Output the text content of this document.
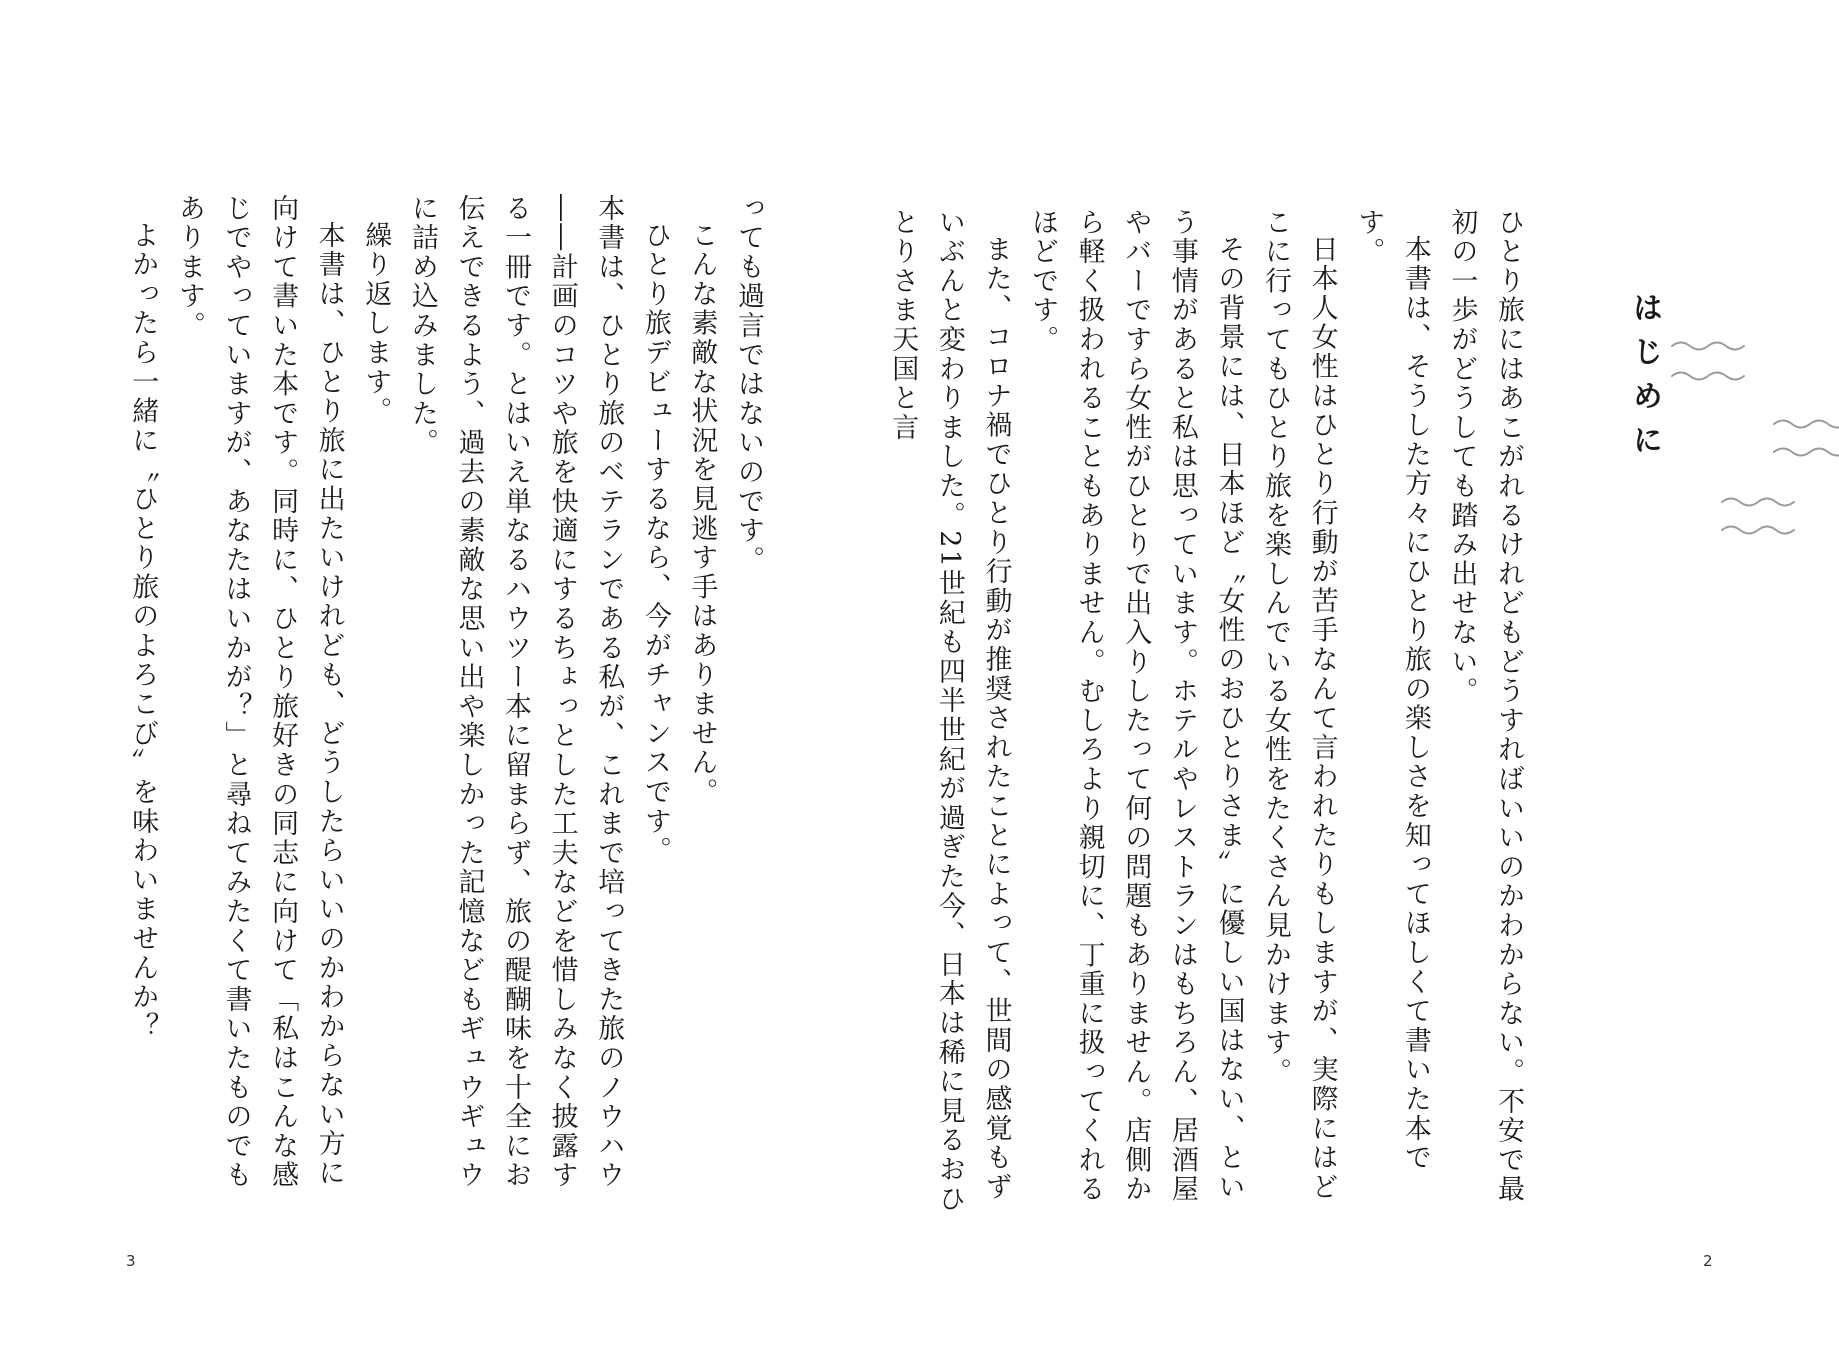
はじめに

ひとり旅にはあこがれるけれどもどうすればいいのかわからない。不安で最初の一歩がどうしても踏み出せない。

本書は、そうした方々にひとり旅の楽しさを知ってほしくて書いた本です。

日本人女性はひとり行動が苦手なんて言われたりもしますが、実際にはどこに行ってもひとり旅を楽しんでいる女性をたくさん見かけます。

その背景には、日本ほど〝女性のおひとりさま〟に優しい国はない、という事情があると私は思っています。ホテルやレストランはもちろん、居酒屋やバーですら女性がひとりで出入りしたって何の問題もありません。店側から軽く扱われることもありません。むしろより親切に、丁重に扱ってくれるほどです。

また、コロナ禍でひとり行動が推奨されたことによって、世間の感覚もずいぶんと変わりました。21世紀も四半世紀が過ぎた今、日本は稀に見るおひとりさま天国と言

2

っても過言ではないのです。

こんな素敵な状況を見逃す手はありません。

ひとり旅デビューするなら、今がチャンスです。

本書は、ひとり旅のベテランである私が、これまで培ってきた旅のノウハウ――計画のコツや旅を快適にするちょっとした工夫などを惜しみなく披露する一冊です。とはいえ単なるハウツー本に留まらず、旅の醍醐味を十全にお伝えできるよう、過去の素敵な思い出や楽しかった記憶などもギュウギュウに詰め込みました。

繰り返します。

本書は、ひとり旅に出たいけれども、どうしたらいいのかわからない方に向けて書いた本です。同時に、ひとり旅好きの同志に向けて「私はこんな感じでやっていますが、あなたはいかが？」と尋ねてみたくて書いたものでもあります。

よかったら一緒に〝ひとり旅のよろこび〟を味わいませんか？

3
